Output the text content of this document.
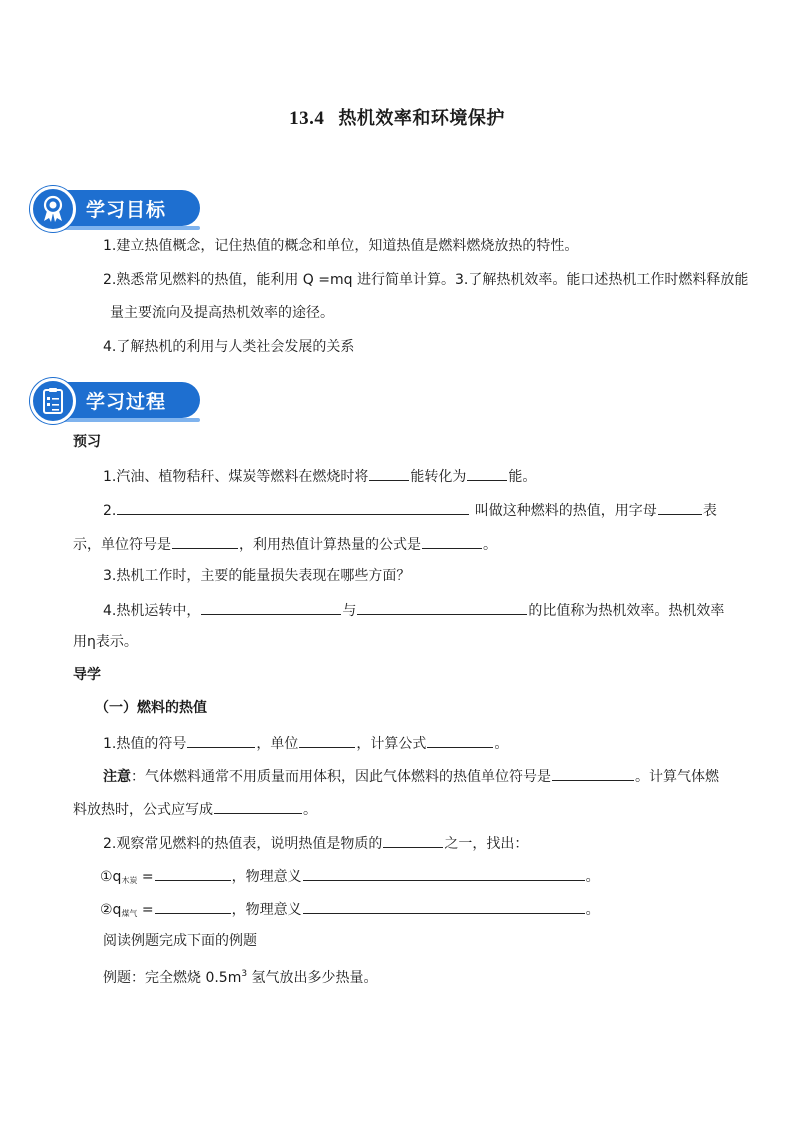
13.4 热机效率和环境保护
学习目标
1.建立热值概念，记住热值的概念和单位，知道热值是燃料燃烧放热的特性。
2.熟悉常见燃料的热值，能利用 Q =mq 进行简单计算。3.了解热机效率。能口述热机工作时燃料释放能
量主要流向及提高热机效率的途径。
4.了解热机的利用与人类社会发展的关系
学习过程
预习
1.汽油、植物秸秆、煤炭等燃料在燃烧时将	能转化为	能。
2.	叫做这种燃料的热值，用字母	表
示，单位符号是	，利用热值计算热量的公式是	。
3.热机工作时，主要的能量损失表现在哪些方面？
4.热机运转中，	与	的比值称为热机效率。热机效率
用η表示。
导学
（一）燃料的热值
1.热值的符号	，单位	，计算公式	。
注意：气体燃料通常不用质量而用体积，因此气体燃料的热值单位符号是	。计算气体燃
料放热时，公式应写成	。
2.观察常见燃料的热值表，说明热值是物质的	之一，找出：
$①q_{木炭}$ =	，物理意义	。
$②q_{煤气}$ =	，物理意义	。
阅读例题完成下面的例题
例题：完全燃烧 $0.5m^3$ 氢气放出多少热量。
